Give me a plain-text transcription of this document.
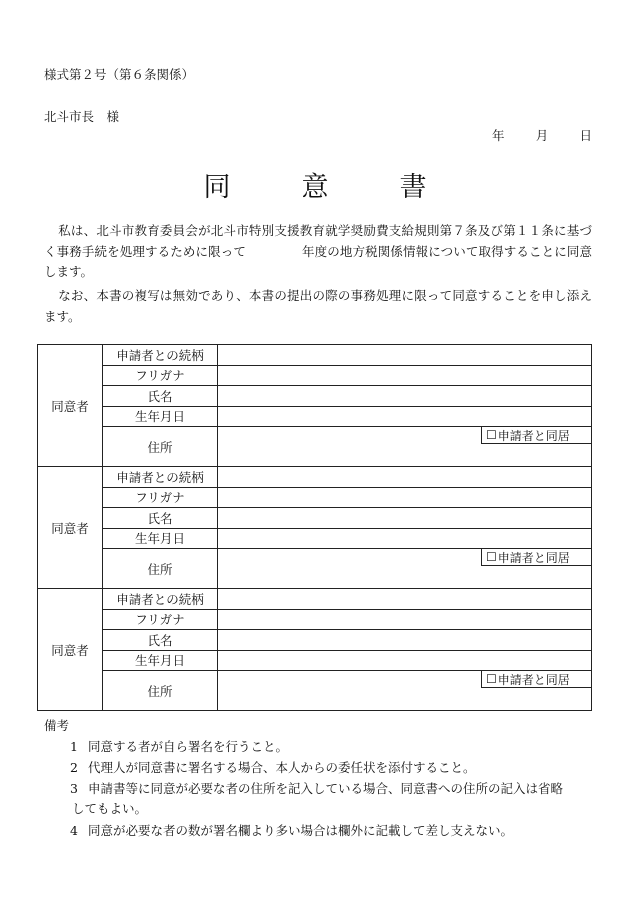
様式第２号（第６条関係）
北斗市長　様
年 月 日
同　意　書
私は、北斗市教育委員会が北斗市特別支援教育就学奨励費支給規則第７条及び第１１条に基づく事務手続を処理するために限って	年度の地方税関係情報について取得することに同意します。
なお、本書の複写は無効であり、本書の提出の際の事務処理に限って同意することを申し添えます。
同意者	申請者との続柄	
	フリガナ	
	氏名	
	生年月日	
	住所	☐ 申請者と同居

同意者	申請者との続柄	
	フリガナ	
	氏名	
	生年月日	
	住所	☐ 申請者と同居

同意者	申請者との続柄	
	フリガナ	
	氏名	
	生年月日	
	住所	☐ 申請者と同居

備考
1 同意する者が自ら署名を行うこと。
2 代理人が同意書に署名する場合、本人からの委任状を添付すること。
3 申請書等に同意が必要な者の住所を記入している場合、同意書への住所の記入は省略
してもよい。
4 同意が必要な者の数が署名欄より多い場合は欄外に記載して差し支えない。
